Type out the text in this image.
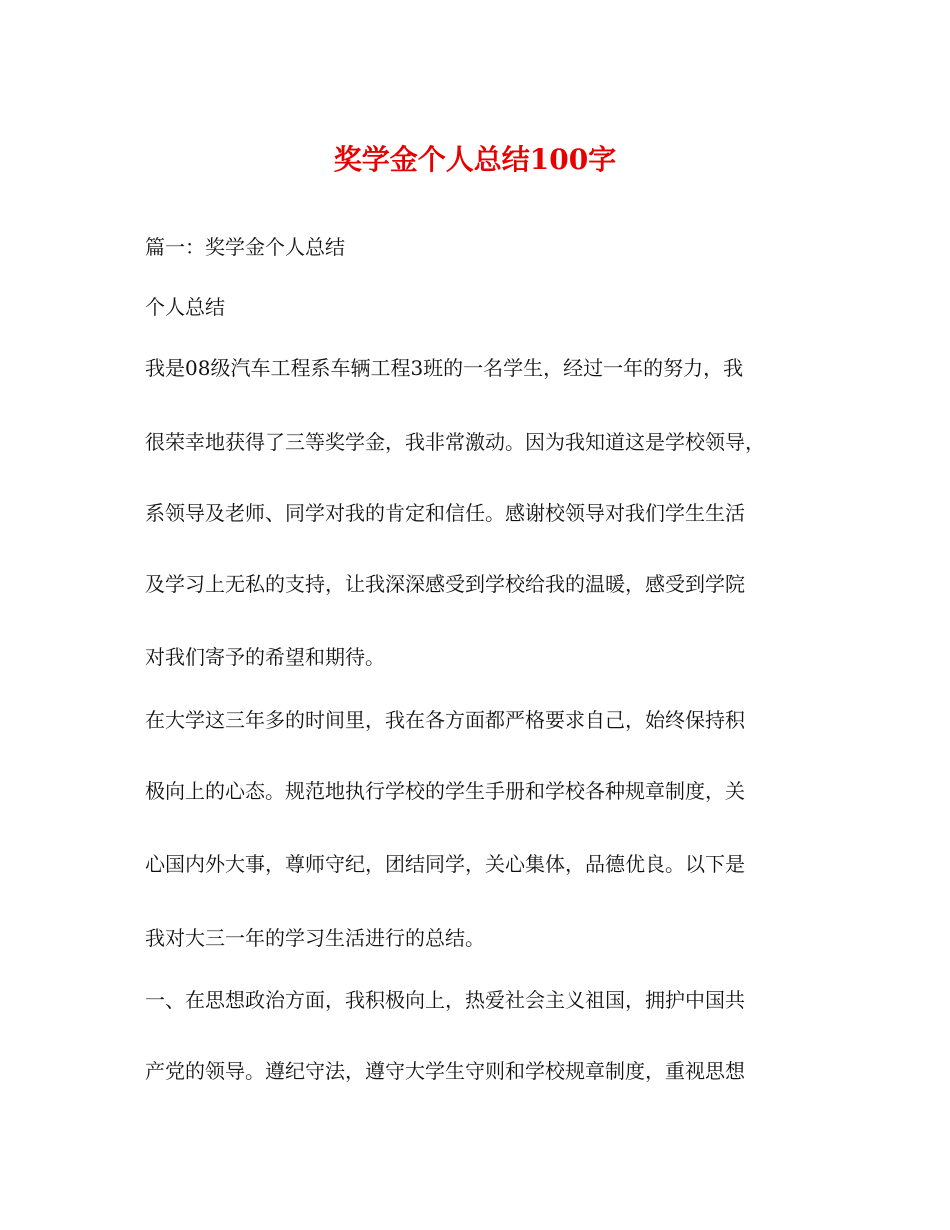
奖学金个人总结100字
篇一：奖学金个人总结
个人总结
我是08级汽车工程系车辆工程3班的一名学生，经过一年的努力，我
很荣幸地获得了三等奖学金，我非常激动。因为我知道这是学校领导，
系领导及老师、同学对我的肯定和信任。感谢校领导对我们学生生活
及学习上无私的支持，让我深深感受到学校给我的温暖，感受到学院
对我们寄予的希望和期待。
在大学这三年多的时间里，我在各方面都严格要求自己，始终保持积
极向上的心态。规范地执行学校的学生手册和学校各种规章制度，关
心国内外大事，尊师守纪，团结同学，关心集体，品德优良。以下是
我对大三一年的学习生活进行的总结。
一、在思想政治方面，我积极向上，热爱社会主义祖国，拥护中国共
产党的领导。遵纪守法，遵守大学生守则和学校规章制度，重视思想
